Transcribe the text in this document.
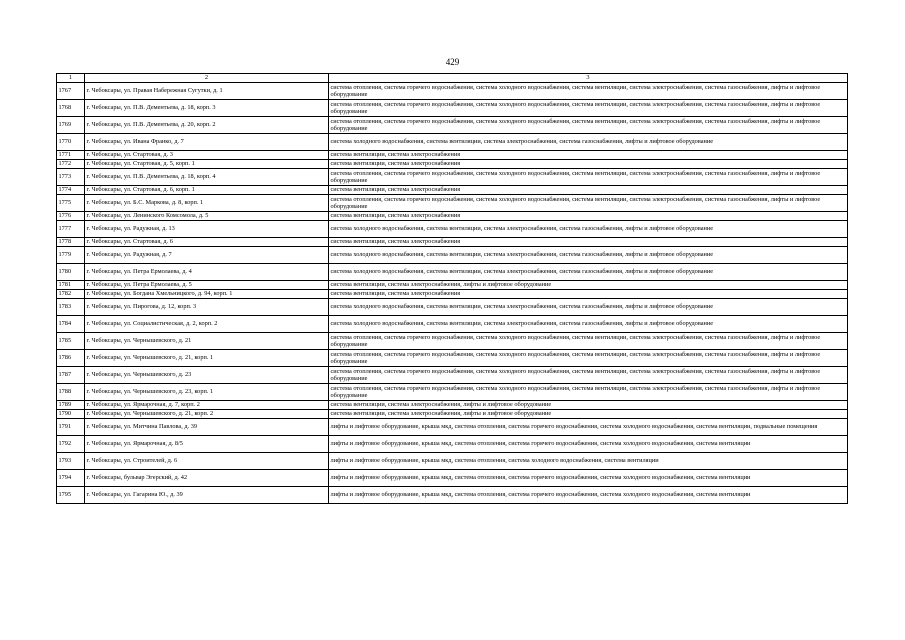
429
1	2	3
1767	г. Чебоксары, ул. Правая Набережная Сугутки, д. 1	система отопления, система горячего водоснабжения, система холодного водоснабжения, система вентиляции, система электроснабжения, система газоснабжения, лифты и лифтовое оборудование
1768	г. Чебоксары, ул. П.В. Дементьева, д. 18, корп. 3	система отопления, система горячего водоснабжения, система холодного водоснабжения, система вентиляции, система электроснабжения, система газоснабжения, лифты и лифтовое оборудование
1769	г. Чебоксары, ул. П.В. Дементьева, д. 20, корп. 2	система отопления, система горячего водоснабжения, система холодного водоснабжения, система вентиляции, система электроснабжения, система газоснабжения, лифты и лифтовое оборудование
1770	г. Чебоксары, ул. Ивана Франко, д. 7	система холодного водоснабжения, система вентиляции, система электроснабжения, система газоснабжения, лифты и лифтовое оборудование
1771	г. Чебоксары, ул. Стартовая, д. 3	система вентиляции, система электроснабжения
1772	г. Чебоксары, ул. Стартовая, д. 5, корп. 1	система вентиляции, система электроснабжения
1773	г. Чебоксары, ул. П.В. Дементьева, д. 18, корп. 4	система отопления, система горячего водоснабжения, система холодного водоснабжения, система вентиляции, система электроснабжения, система газоснабжения, лифты и лифтовое оборудование
1774	г. Чебоксары, ул. Стартовая, д. 6, корп. 1	система вентиляции, система электроснабжения
1775	г. Чебоксары, ул. Б.С. Маркова, д. 8, корп. 1	система отопления, система горячего водоснабжения, система холодного водоснабжения, система вентиляции, система электроснабжения, система газоснабжения, лифты и лифтовое оборудование
1776	г. Чебоксары, ул. Ленинского Комсомола, д. 5	система вентиляции, система электроснабжения
1777	г. Чебоксары, ул. Радужная, д. 13	система холодного водоснабжения, система вентиляции, система электроснабжения, система газоснабжения, лифты и лифтовое оборудование
1778	г. Чебоксары, ул. Стартовая, д. 6	система вентиляции, система электроснабжения
1779	г. Чебоксары, ул. Радужная, д. 7	система холодного водоснабжения, система вентиляции, система электроснабжения, система газоснабжения, лифты и лифтовое оборудование
1780	г. Чебоксары, ул. Петра Ермолаева, д. 4	система холодного водоснабжения, система вентиляции, система электроснабжения, система газоснабжения, лифты и лифтовое оборудование
1781	г. Чебоксары, ул. Петра Ермолаева, д. 5	система вентиляции, система электроснабжения, лифты и лифтовое оборудование
1782	г. Чебоксары, ул. Богдана Хмельницкого, д. 94, корп. 1	система вентиляции, система электроснабжения
1783	г. Чебоксары, ул. Пирогова, д. 12, корп. 3	система холодного водоснабжения, система вентиляции, система электроснабжения, система газоснабжения, лифты и лифтовое оборудование
1784	г. Чебоксары, ул. Социалистическая, д. 2, корп. 2	система холодного водоснабжения, система вентиляции, система электроснабжения, система газоснабжения, лифты и лифтовое оборудование
1785	г. Чебоксары, ул. Чернышевского, д. 21	система отопления, система горячего водоснабжения, система холодного водоснабжения, система вентиляции, система электроснабжения, система газоснабжения, лифты и лифтовое оборудование
1786	г. Чебоксары, ул. Чернышевского, д. 21, корп. 1	система отопления, система горячего водоснабжения, система холодного водоснабжения, система вентиляции, система электроснабжения, система газоснабжения, лифты и лифтовое оборудование
1787	г. Чебоксары, ул. Чернышевского, д. 23	система отопления, система горячего водоснабжения, система холодного водоснабжения, система вентиляции, система электроснабжения, система газоснабжения, лифты и лифтовое оборудование
1788	г. Чебоксары, ул. Чернышевского, д. 23, корп. 1	система отопления, система горячего водоснабжения, система холодного водоснабжения, система вентиляции, система электроснабжения, система газоснабжения, лифты и лифтовое оборудование
1789	г. Чебоксары, ул. Ярмарочная, д. 7, корп. 2	система вентиляции, система электроснабжения, лифты и лифтовое оборудование
1790	г. Чебоксары, ул. Чернышевского, д. 21, корп. 2	система вентиляции, система электроснабжения, лифты и лифтовое оборудование
1791	г. Чебоксары, ул. Митчина Павлова, д. 39	лифты и лифтовое оборудование, крыша мкд, система отопления, система горячего водоснабжения, система холодного водоснабжения, система вентиляции, подвальные помещения
1792	г. Чебоксары, ул. Ярмарочная, д. 8/5	лифты и лифтовое оборудование, крыша мкд, система отопления, система горячего водоснабжения, система холодного водоснабжения, система вентиляции
1793	г. Чебоксары, ул. Строителей, д. 6	лифты и лифтовое оборудование, крыша мкд, система отопления, система холодного водоснабжения, система вентиляции
1794	г. Чебоксары, бульвар Эгерский, д. 42	лифты и лифтовое оборудование, крыша мкд, система отопления, система горячего водоснабжения, система холодного водоснабжения, система вентиляции
1795	г. Чебоксары, ул. Гагарина Ю., д. 39	лифты и лифтовое оборудование, крыша мкд, система отопления, система горячего водоснабжения, система холодного водоснабжения, система вентиляции
